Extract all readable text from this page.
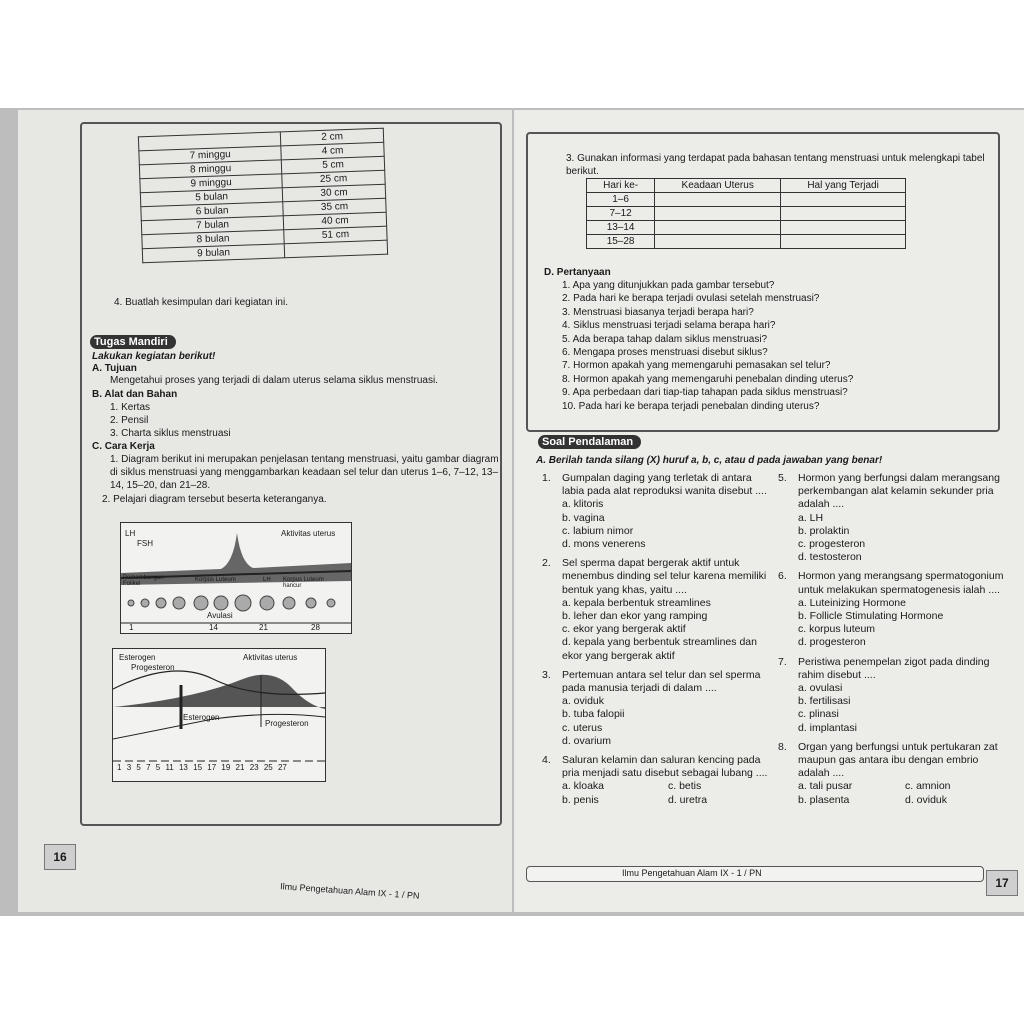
	2 cm
7 minggu	4 cm
8 minggu	5 cm
9 minggu	25 cm
5 bulan	30 cm
6 bulan	35 cm
7 bulan	40 cm
8 bulan	51 cm
9 bulan	
4. Buatlah kesimpulan dari kegiatan ini.
Tugas Mandiri
Lakukan kegiatan berikut!
A. Tujuan
Mengetahui proses yang terjadi di dalam uterus selama siklus menstruasi.
B. Alat dan Bahan
1. Kertas
2. Pensil
3. Charta siklus menstruasi
C. Cara Kerja
1. Diagram berikut ini merupakan penjelasan tentang menstruasi, yaitu gambar diagram di siklus menstruasi yang menggambarkan keadaan sel telur dan uterus 1–6, 7–12, 13–14, 15–20, dan 21–28.
2. Pelajari diagram tersebut beserta keteranganya.
LH
FSH
Aktivitas uterus
Perkembangan Folikel
Korpus Luteum	LH Korpus Luteum hancur
Avulasi
1	14	21	28
Esterogen
Progesteron
Aktivitas uterus
Esterogen
Progesteron
1 3 5 7 5 11 13 15 17 19 21 23 25 27
16
Ilmu Pengetahuan Alam IX - 1 / PN
3. Gunakan informasi yang terdapat pada bahasan tentang menstruasi untuk melengkapi tabel berikut.
Hari ke-	Keadaan Uterus	Hal yang Terjadi
1–6		
7–12		
13–14		
15–28		
D. Pertanyaan
1. Apa yang ditunjukkan pada gambar tersebut?
2. Pada hari ke berapa terjadi ovulasi setelah menstruasi?
3. Menstruasi biasanya terjadi berapa hari?
4. Siklus menstruasi terjadi selama berapa hari?
5. Ada berapa tahap dalam siklus menstruasi?
6. Mengapa proses menstruasi disebut siklus?
7. Hormon apakah yang memengaruhi pemasakan sel telur?
8. Hormon apakah yang memengaruhi penebalan dinding uterus?
9. Apa perbedaan dari tiap-tiap tahapan pada siklus menstruasi?
10. Pada hari ke berapa terjadi penebalan dinding uterus?
Soal Pendalaman
A. Berilah tanda silang (X) huruf a, b, c, atau d pada jawaban yang benar!
1.	Gumpalan daging yang terletak di antara labia pada alat reproduksi wanita disebut ....
a. klitoris
b. vagina
c. labium nimor
d. mons venerens
2.	Sel sperma dapat bergerak aktif untuk menembus dinding sel telur karena memiliki bentuk yang khas, yaitu ....
a. kepala berbentuk streamlines
b. leher dan ekor yang ramping
c. ekor yang bergerak aktif
d. kepala yang berbentuk streamlines dan ekor yang bergerak aktif
3.	Pertemuan antara sel telur dan sel sperma pada manusia terjadi di dalam ....
a. oviduk
b. tuba falopii
c. uterus
d. ovarium
4.	Saluran kelamin dan saluran kencing pada pria menjadi satu disebut sebagai lubang ....
a. kloaka	c. betis
b. penis	d. uretra
5.	Hormon yang berfungsi dalam merangsang perkembangan alat kelamin sekunder pria adalah ....
a. LH
b. prolaktin
c. progesteron
d. testosteron
6.	Hormon yang merangsang spermatogonium untuk melakukan spermatogenesis ialah ....
a. Luteinizing Hormone
b. Follicle Stimulating Hormone
c. korpus luteum
d. progesteron
7.	Peristiwa penempelan zigot pada dinding rahim disebut ....
a. ovulasi
b. fertilisasi
c. plinasi
d. implantasi
8.	Organ yang berfungsi untuk pertukaran zat maupun gas antara ibu dengan embrio adalah ....
a. tali pusar	c. amnion
b. plasenta	d. oviduk
Ilmu Pengetahuan Alam IX - 1 / PN
17
